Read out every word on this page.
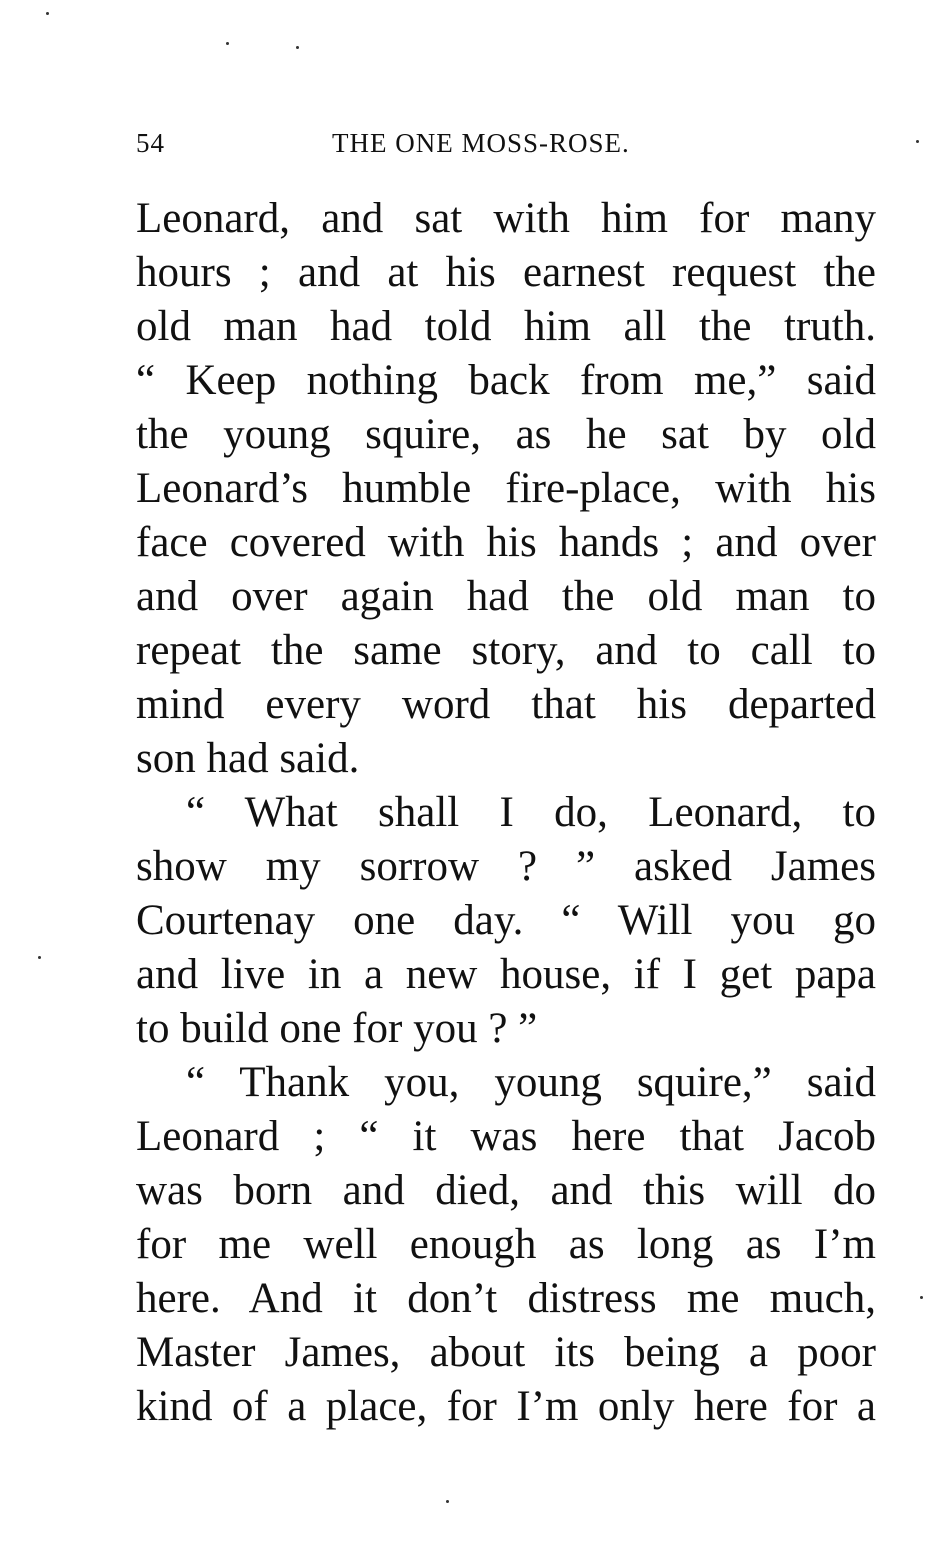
54	THE ONE MOSS-ROSE.
Leonard, and sat with him for many
hours ; and at his earnest request the
old man had told him all the truth.
“ Keep nothing back from me,” said
the young squire, as he sat by old
Leonard’s humble fire-place, with his
face covered with his hands ; and over
and over again had the old man to
repeat the same story, and to call to
mind every word that his departed
son had said.
“ What shall I do, Leonard, to
show my sorrow ? ” asked James
Courtenay one day. “ Will you go
and live in a new house, if I get papa
to build one for you ? ”
“ Thank you, young squire,” said
Leonard ; “ it was here that Jacob
was born and died, and this will do
for me well enough as long as I’m
here. And it don’t distress me much,
Master James, about its being a poor
kind of a place, for I’m only here for a
